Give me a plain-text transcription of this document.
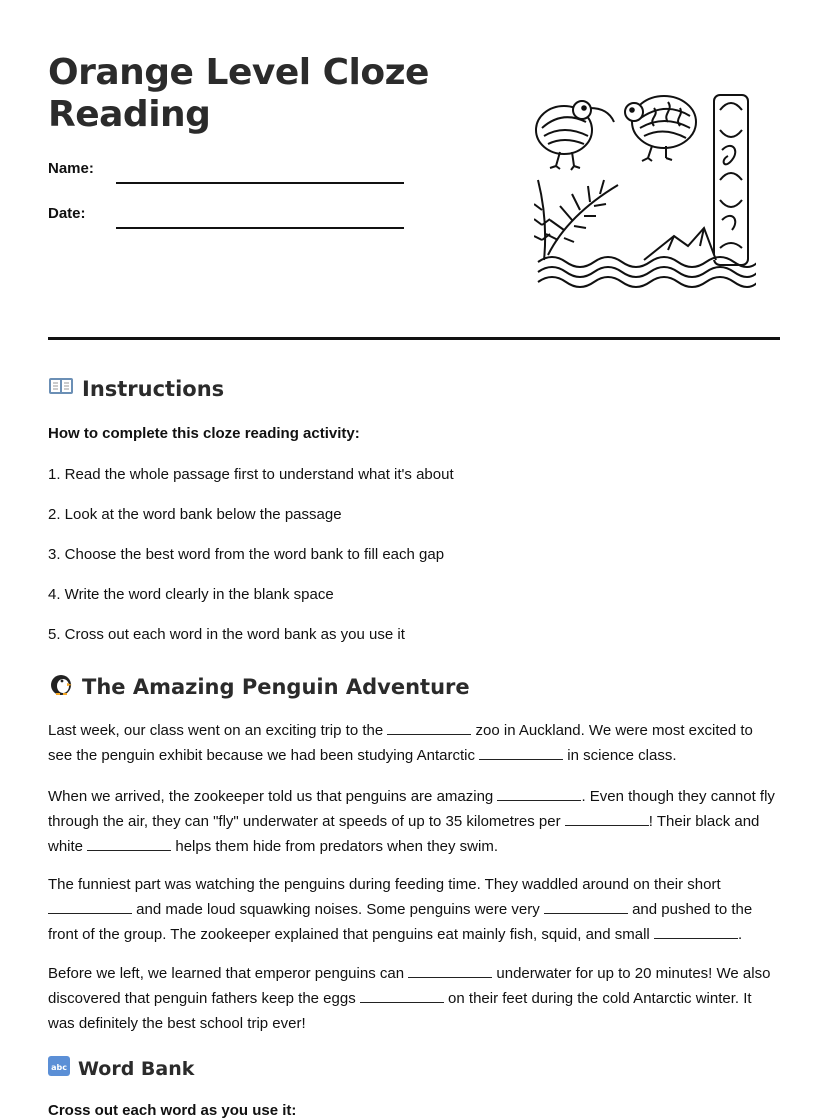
Orange Level Cloze Reading
Name:
Date:
Instructions
How to complete this cloze reading activity:
1. Read the whole passage first to understand what it's about
2. Look at the word bank below the passage
3. Choose the best word from the word bank to fill each gap
4. Write the word clearly in the blank space
5. Cross out each word in the word bank as you use it
The Amazing Penguin Adventure

Last week, our class went on an exciting trip to the	zoo in Auckland. We were most excited to see the penguin exhibit because we had been studying Antarctic	in science class.

When we arrived, the zookeeper told us that penguins are amazing	. Even though they cannot fly through the air, they can "fly" underwater at speeds of up to 35 kilometres per	! Their black and white	helps them hide from predators when they swim.

The funniest part was watching the penguins during feeding time. They waddled around on their short  and made loud squawking noises. Some penguins were very	and pushed to the front of the group. The zookeeper explained that penguins eat mainly fish, squid, and small	.

Before we left, we learned that emperor penguins can	underwater for up to 20 minutes! We also discovered that penguin fathers keep the eggs	on their feet during the cold Antarctic winter. It was definitely the best school trip ever!

abc Word Bank
Cross out each word as you use it:
